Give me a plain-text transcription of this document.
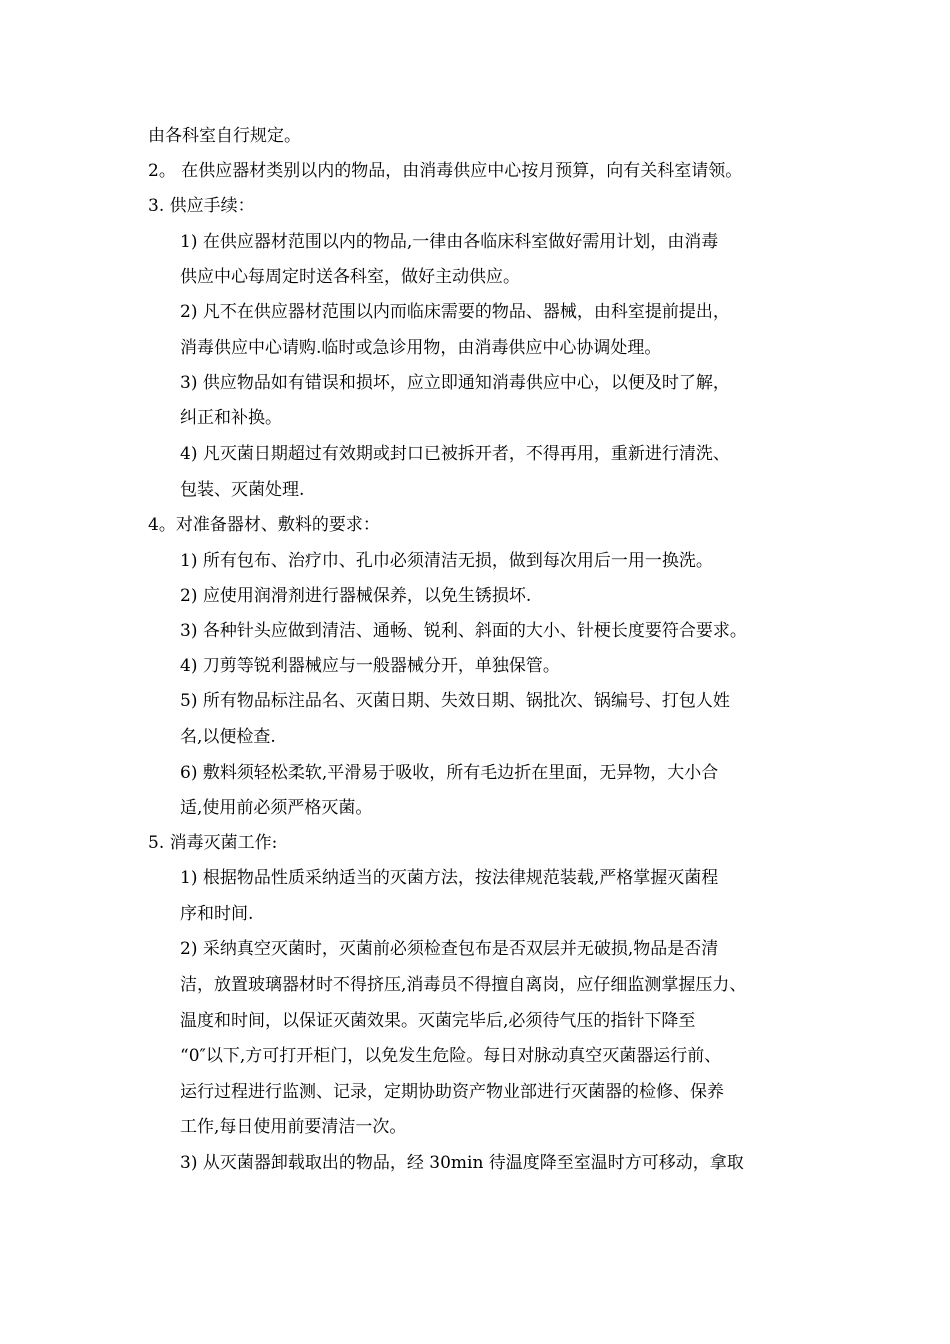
由各科室自行规定。
2。 在供应器材类别以内的物品，由消毒供应中心按月预算，向有关科室请领。
3. 供应手续：
1) 在供应器材范围以内的物品,一律由各临床科室做好需用计划，由消毒
供应中心每周定时送各科室，做好主动供应。
2) 凡不在供应器材范围以内而临床需要的物品、器械，由科室提前提出，
消毒供应中心请购.临时或急诊用物，由消毒供应中心协调处理。
3) 供应物品如有错误和损坏，应立即通知消毒供应中心，以便及时了解，
纠正和补换。
4) 凡灭菌日期超过有效期或封口已被拆开者，不得再用，重新进行清洗、
包装、灭菌处理.
4。对准备器材、敷料的要求：
1) 所有包布、治疗巾、孔巾必须清洁无损，做到每次用后一用一换洗。
2) 应使用润滑剂进行器械保养，以免生锈损坏.
3) 各种针头应做到清洁、通畅、锐利、斜面的大小、针梗长度要符合要求。
4) 刀剪等锐利器械应与一般器械分开，单独保管。
5) 所有物品标注品名、灭菌日期、失效日期、锅批次、锅编号、打包人姓
名,以便检查.
6) 敷料须轻松柔软,平滑易于吸收，所有毛边折在里面，无异物，大小合
适,使用前必须严格灭菌。
5. 消毒灭菌工作:
1) 根据物品性质采纳适当的灭菌方法，按法律规范装载,严格掌握灭菌程
序和时间.
2) 采纳真空灭菌时，灭菌前必须检查包布是否双层并无破损,物品是否清
洁，放置玻璃器材时不得挤压,消毒员不得擅自离岗，应仔细监测掌握压力、
温度和时间，以保证灭菌效果。灭菌完毕后,必须待气压的指针下降至
“0″以下,方可打开柜门，以免发生危险。每日对脉动真空灭菌器运行前、
运行过程进行监测、记录，定期协助资产物业部进行灭菌器的检修、保养
工作,每日使用前要清洁一次。
3) 从灭菌器卸载取出的物品，经 30min 待温度降至室温时方可移动，拿取
